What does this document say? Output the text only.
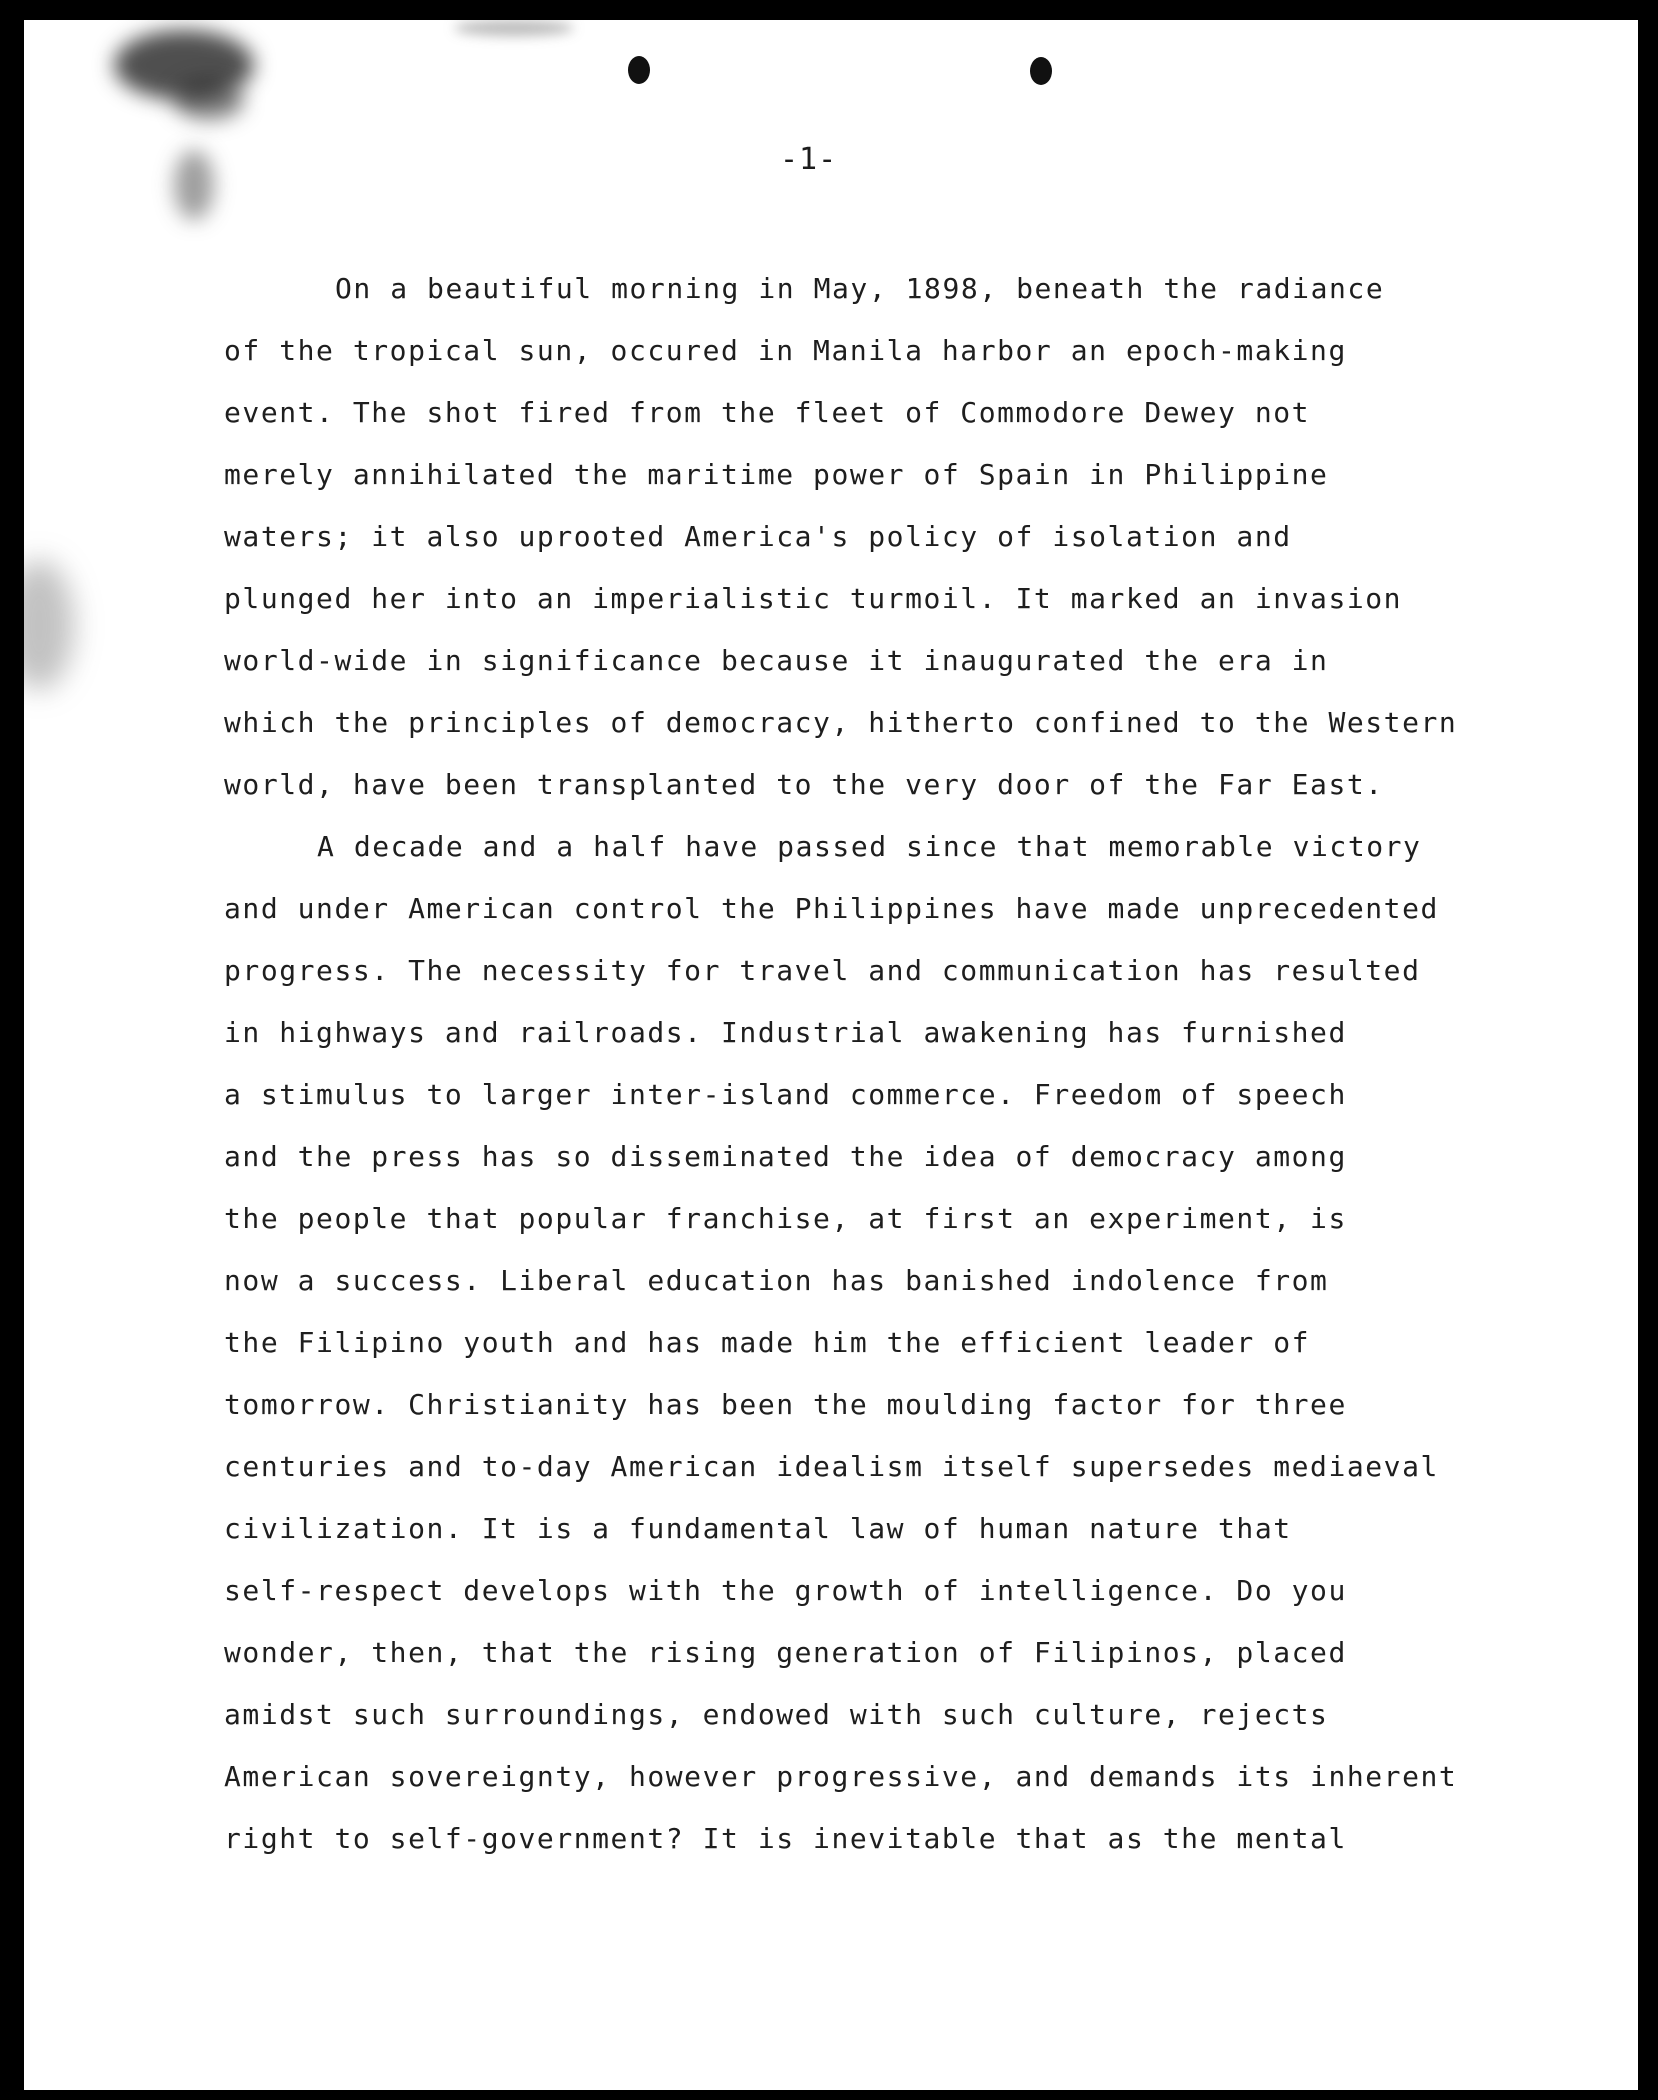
-1-

On a beautiful morning in May, 1898, beneath the radiance

of the tropical sun, occured in Manila harbor an epoch-making

event. The shot fired from the fleet of Commodore Dewey not

merely annihilated the maritime power of Spain in Philippine

waters; it also uprooted America's policy of isolation and

plunged her into an imperialistic turmoil. It marked an invasion

world-wide in significance because it inaugurated the era in

which the principles of democracy, hitherto confined to the Western

world, have been transplanted to the very door of the Far East.

A decade and a half have passed since that memorable victory

and under American control the Philippines have made unprecedented

progress. The necessity for travel and communication has resulted

in highways and railroads. Industrial awakening has furnished

a stimulus to larger inter-island commerce. Freedom of speech

and the press has so disseminated the idea of democracy among

the people that popular franchise, at first an experiment, is

now a success. Liberal education has banished indolence from

the Filipino youth and has made him the efficient leader of

tomorrow. Christianity has been the moulding factor for three

centuries and to-day American idealism itself supersedes mediaeval

civilization. It is a fundamental law of human nature that

self-respect develops with the growth of intelligence. Do you

wonder, then, that the rising generation of Filipinos, placed

amidst such surroundings, endowed with such culture, rejects

American sovereignty, however progressive, and demands its inherent

right to self-government? It is inevitable that as the mental
